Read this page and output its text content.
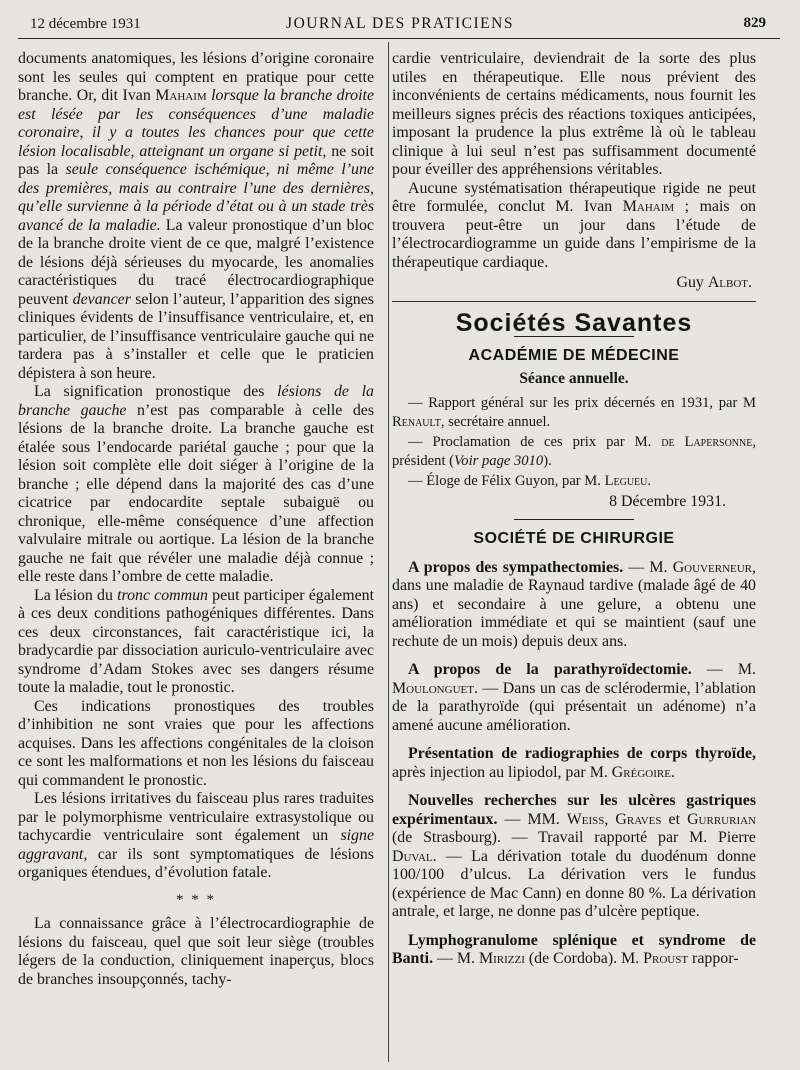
12 décembre 1931	JOURNAL DES PRATICIENS	829

documents anatomiques, les lésions d’origine coronaire sont les seules qui comptent en pratique pour cette branche. Or, dit Ivan Mahaim lorsque la branche droite est lésée par les conséquences d’une maladie coronaire, il y a toutes les chances pour que cette lésion localisable, atteignant un organe si petit, ne soit pas la seule conséquence ischémique, ni même l’une des premières, mais au contraire l’une des dernières, qu’elle survienne à la période d’état ou à un stade très avancé de la maladie. La valeur pronostique d’un bloc de la branche droite vient de ce que, malgré l’existence de lésions déjà sérieuses du myocarde, les anomalies caractéristiques du tracé électrocardiographique peuvent devancer selon l’auteur, l’apparition des signes cliniques évidents de l’insuffisance ventriculaire, et, en particulier, de l’insuffisance ventriculaire gauche qui ne tardera pas à s’installer et celle que le praticien dépistera à son heure.

La signification pronostique des lésions de la branche gauche n’est pas comparable à celle des lésions de la branche droite. La branche gauche est étalée sous l’endocarde pariétal gauche ; pour que la lésion soit complète elle doit siéger à l’origine de la branche ; elle dépend dans la majorité des cas d’une cicatrice par endocardite septale subaiguë ou chronique, elle-même conséquence d’une affection valvulaire mitrale ou aortique. La lésion de la branche gauche ne fait que révéler une maladie déjà connue ; elle reste dans l’ombre de cette maladie.

La lésion du tronc commun peut participer également à ces deux conditions pathogéniques différentes. Dans ces deux circonstances, fait caractéristique ici, la bradycardie par dissociation auriculo-ventriculaire avec syndrome d’Adam Stokes avec ses dangers résume toute la maladie, tout le pronostic.

Ces indications pronostiques des troubles d’inhibition ne sont vraies que pour les affections acquises. Dans les affections congénitales de la cloison ce sont les malformations et non les lésions du faisceau qui commandent le pronostic.

Les lésions irritatives du faisceau plus rares traduites par le polymorphisme ventriculaire extrasystolique ou tachycardie ventriculaire sont également un signe aggravant, car ils sont symptomatiques de lésions organiques étendues, d’évolution fatale.

* * *

La connaissance grâce à l’électrocardiographie de lésions du faisceau, quel que soit leur siège (troubles légers de la conduction, cliniquement inaperçus, blocs de branches insoupçonnés, tachy-

cardie ventriculaire, deviendrait de la sorte des plus utiles en thérapeutique. Elle nous prévient des inconvénients de certains médicaments, nous fournit les meilleurs signes précis des réactions toxiques anticipées, imposant la prudence la plus extrême là où le tableau clinique à lui seul n’est pas suffisamment documenté pour éveiller des appréhensions véritables.

Aucune systématisation thérapeutique rigide ne peut être formulée, conclut M. Ivan Mahaim ; mais on trouvera peut-être un jour dans l’étude de l’électrocardiogramme un guide dans l’empirisme de la thérapeutique cardiaque.

Guy Albot.
Sociétés Savantes
ACADÉMIE DE MÉDECINE
Séance annuelle.

— Rapport général sur les prix décernés en 1931, par M Renault, secrétaire annuel.

— Proclamation de ces prix par M. de Lapersonne, président (Voir page 3010).

— Éloge de Félix Guyon, par M. Legueu.

8 Décembre 1931.
SOCIÉTÉ DE CHIRURGIE

A propos des sympathectomies. — M. Gouverneur, dans une maladie de Raynaud tardive (malade âgé de 40 ans) et secondaire à une gelure, a obtenu une amélioration immédiate et qui se maintient (sauf une rechute de un mois) depuis deux ans.

A propos de la parathyroïdectomie. — M. Moulonguet. — Dans un cas de sclérodermie, l’ablation de la parathyroïde (qui présentait un adénome) n’a amené aucune amélioration.

Présentation de radiographies de corps thyroïde, après injection au lipiodol, par M. Grégoire.

Nouvelles recherches sur les ulcères gastriques expérimentaux. — MM. Weiss, Graves et Gurrurian (de Strasbourg). — Travail rapporté par M. Pierre Duval. — La dérivation totale du duodénum donne 100/100 d’ulcus. La dérivation vers le fundus (expérience de Mac Cann) en donne 80 %. La dérivation antrale, et large, ne donne pas d’ulcère peptique.

Lymphogranulome splénique et syndrome de Banti. — M. Mirizzi (de Cordoba). M. Proust rappor-
